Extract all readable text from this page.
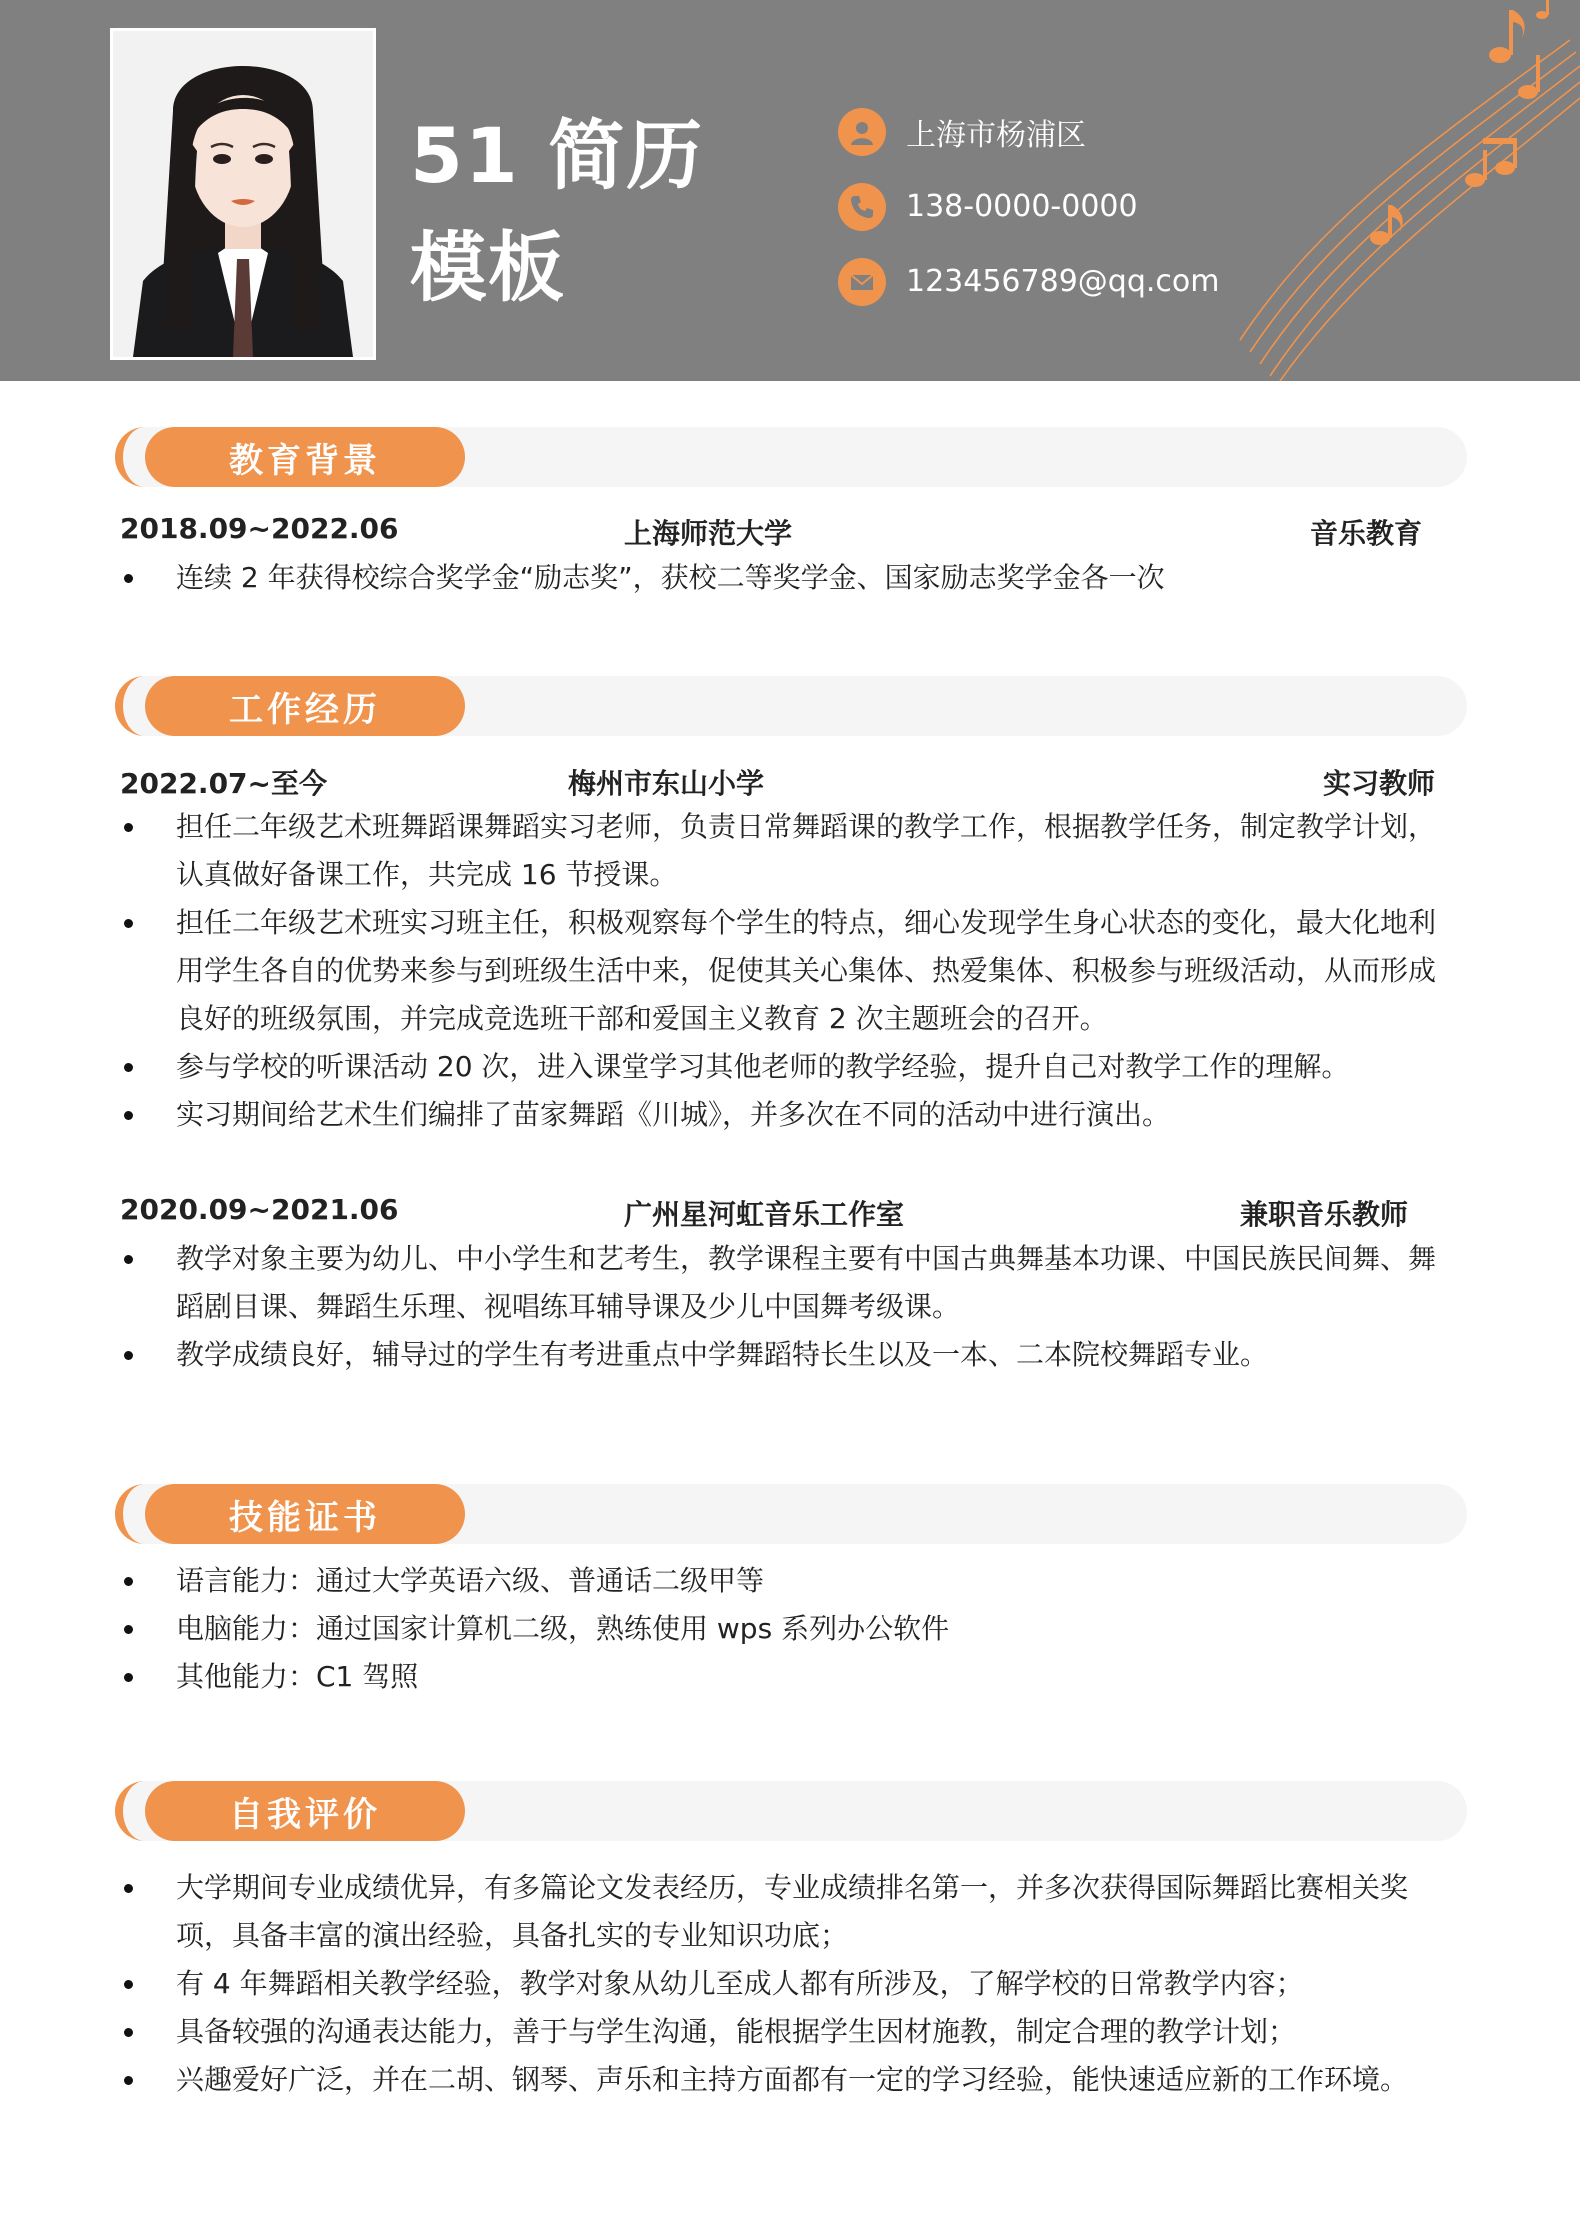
51 简历模板
上海市杨浦区
138-0000-0000
123456789@qq.com
教育背景
2018.09~2022.06	上海师范大学	音乐教育
连续 2 年获得校综合奖学金“励志奖”，获校二等奖学金、国家励志奖学金各一次
工作经历
2022.07~至今	梅州市东山小学	实习教师
担任二年级艺术班舞蹈课舞蹈实习老师，负责日常舞蹈课的教学工作，根据教学任务，制定教学计划，认真做好备课工作，共完成 16 节授课。
担任二年级艺术班实习班主任，积极观察每个学生的特点，细心发现学生身心状态的变化，最大化地利用学生各自的优势来参与到班级生活中来，促使其关心集体、热爱集体、积极参与班级活动，从而形成良好的班级氛围，并完成竞选班干部和爱国主义教育 2 次主题班会的召开。
参与学校的听课活动 20 次，进入课堂学习其他老师的教学经验，提升自己对教学工作的理解。
实习期间给艺术生们编排了苗家舞蹈《川城》，并多次在不同的活动中进行演出。
2020.09~2021.06	广州星河虹音乐工作室	兼职音乐教师
教学对象主要为幼儿、中小学生和艺考生，教学课程主要有中国古典舞基本功课、中国民族民间舞、舞蹈剧目课、舞蹈生乐理、视唱练耳辅导课及少儿中国舞考级课。
教学成绩良好，辅导过的学生有考进重点中学舞蹈特长生以及一本、二本院校舞蹈专业。
技能证书
语言能力：通过大学英语六级、普通话二级甲等
电脑能力：通过国家计算机二级，熟练使用 wps 系列办公软件
其他能力：C1 驾照
自我评价
大学期间专业成绩优异，有多篇论文发表经历，专业成绩排名第一，并多次获得国际舞蹈比赛相关奖项，具备丰富的演出经验，具备扎实的专业知识功底；
有 4 年舞蹈相关教学经验，教学对象从幼儿至成人都有所涉及，了解学校的日常教学内容；
具备较强的沟通表达能力，善于与学生沟通，能根据学生因材施教，制定合理的教学计划；
兴趣爱好广泛，并在二胡、钢琴、声乐和主持方面都有一定的学习经验，能快速适应新的工作环境。
